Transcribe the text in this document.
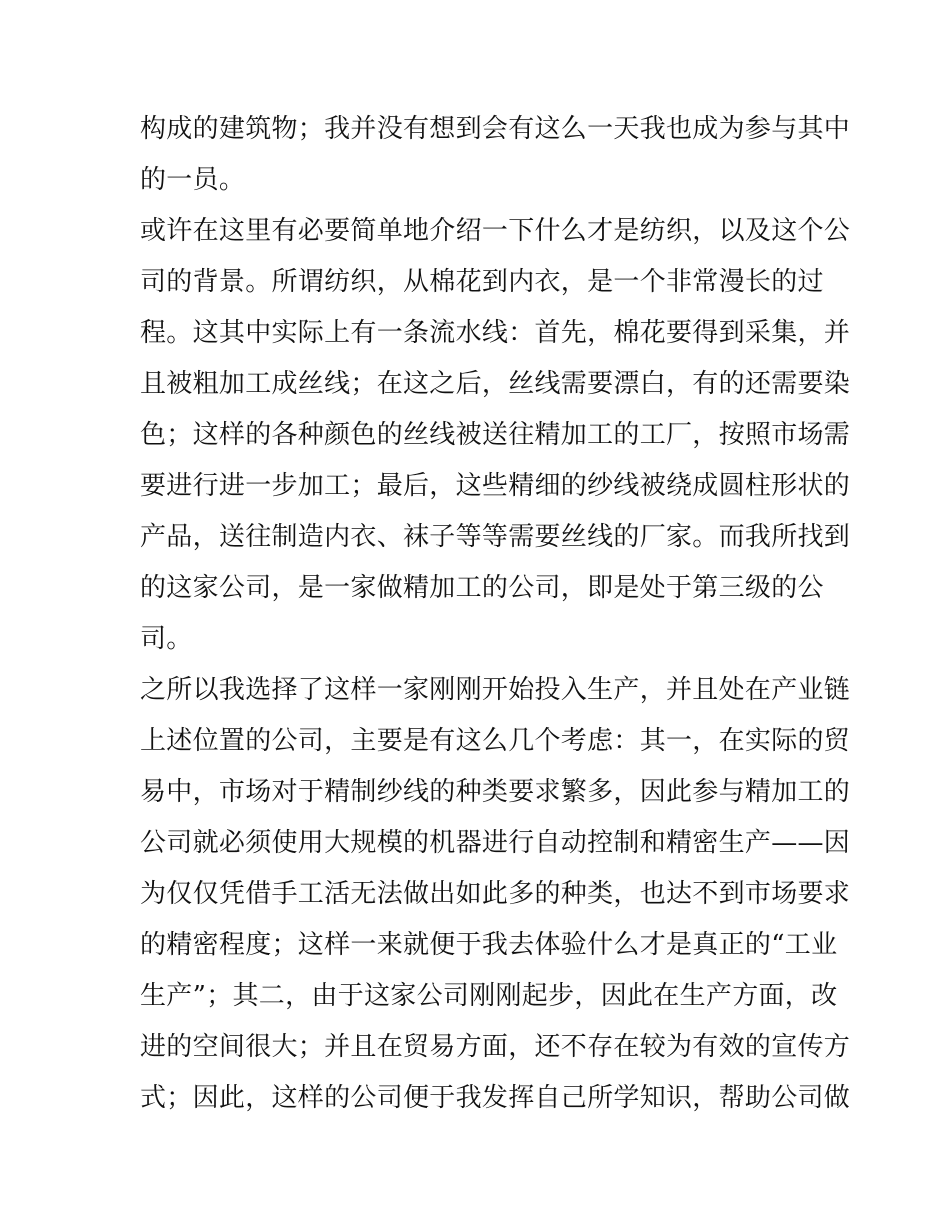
构成的建筑物；我并没有想到会有这么一天我也成为参与其中
的一员。
或许在这里有必要简单地介绍一下什么才是纺织，以及这个公
司的背景。所谓纺织，从棉花到内衣，是一个非常漫长的过
程。这其中实际上有一条流水线：首先，棉花要得到采集，并
且被粗加工成丝线；在这之后，丝线需要漂白，有的还需要染
色；这样的各种颜色的丝线被送往精加工的工厂，按照市场需
要进行进一步加工；最后，这些精细的纱线被绕成圆柱形状的
产品，送往制造内衣、袜子等等需要丝线的厂家。而我所找到
的这家公司，是一家做精加工的公司，即是处于第三级的公
司。
之所以我选择了这样一家刚刚开始投入生产，并且处在产业链
上述位置的公司，主要是有这么几个考虑：其一，在实际的贸
易中，市场对于精制纱线的种类要求繁多，因此参与精加工的
公司就必须使用大规模的机器进行自动控制和精密生产——因
为仅仅凭借手工活无法做出如此多的种类，也达不到市场要求
的精密程度；这样一来就便于我去体验什么才是真正的“工业
生产”；其二，由于这家公司刚刚起步，因此在生产方面，改
进的空间很大；并且在贸易方面，还不存在较为有效的宣传方
式；因此，这样的公司便于我发挥自己所学知识，帮助公司做
